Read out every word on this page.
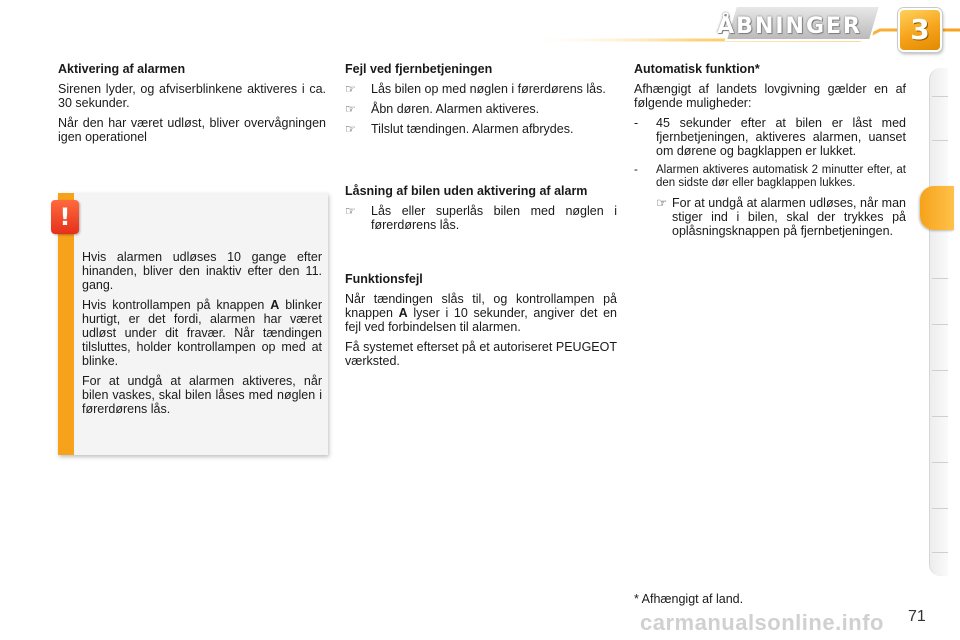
ÅBNINGER	3
Aktivering af alarmen

Sirenen lyder, og afviserblinkene aktiveres i ca. 30 sekunder.

Når den har været udløst, bliver overvågningen igen operationel

!

Hvis alarmen udløses 10 gange efter hinanden, bliver den inaktiv efter den 11. gang.

Hvis kontrollampen på knappen A blinker hurtigt, er det fordi, alarmen har været udløst under dit fravær. Når tændingen tilsluttes, holder kontrollampen op med at blinke.

For at undgå at alarmen aktiveres, når bilen vaskes, skal bilen låses med nøglen i førerdørens lås.

Fejl ved fjernbetjeningen
☞	Lås bilen op med nøglen i førerdørens lås.
☞	Åbn døren. Alarmen aktiveres.
☞	Tilslut tændingen. Alarmen afbrydes.
Låsning af bilen uden aktivering af alarm
☞	Lås eller superlås bilen med nøglen i førerdørens lås.
Funktionsfejl

Når tændingen slås til, og kontrollampen på knappen A lyser i 10 sekunder, angiver det en fejl ved forbindelsen til alarmen.

Få systemet efterset på et autoriseret PEUGEOT værksted.

Automatisk funktion*

Afhængigt af landets lovgivning gælder en af følgende muligheder:

-	45 sekunder efter at bilen er låst med fjernbetjeningen, aktiveres alarmen, uanset om dørene og bagklappen er lukket.
-	Alarmen aktiveres automatisk 2 minutter efter, at den sidste dør eller bagklappen lukkes.
☞ For at undgå at alarmen udløses, når man stiger ind i bilen, skal der trykkes på oplåsningsknappen på fjernbetjeningen.
* Afhængigt af land.
carmanualsonline.info 71
